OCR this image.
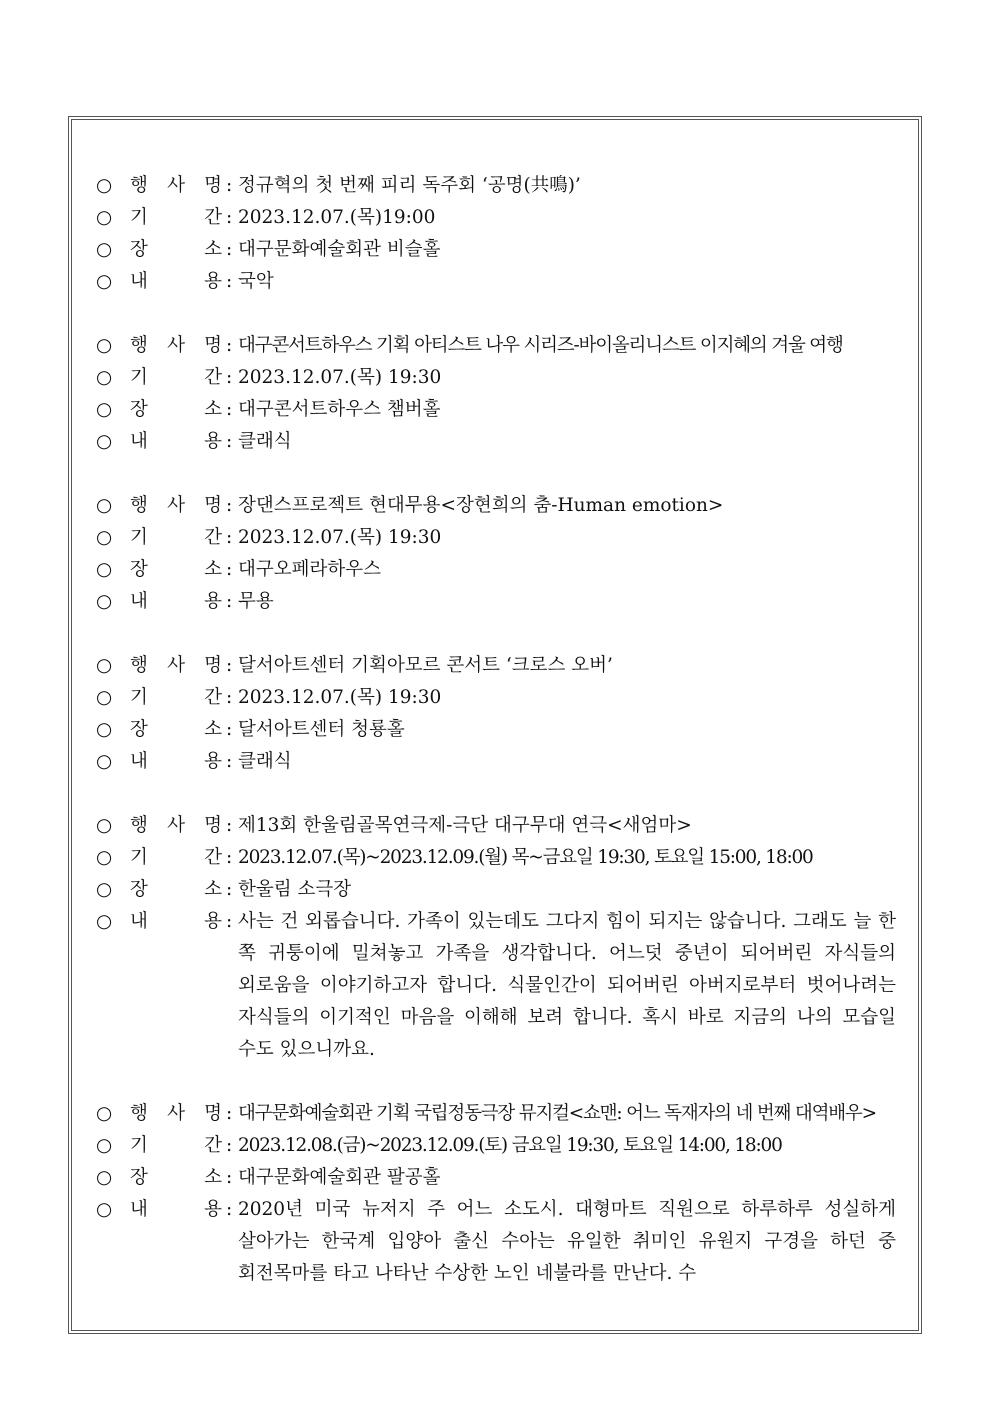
○ 행 사 명 : 정규혁의 첫 번째 피리 독주회 ‘공명(共鳴)’
○ 기	간 : 2023.12.07.(목)19:00
○ 장	소 : 대구문화예술회관 비슬홀
○ 내	용 : 국악
○ 행 사 명 : 대구콘서트하우스 기획 아티스트 나우 시리즈-바이올리니스트 이지혜의 겨울 여행
○ 기	간 : 2023.12.07.(목) 19:30
○ 장	소 : 대구콘서트하우스 챔버홀
○ 내	용 : 클래식
○ 행 사 명 : 장댄스프로젝트 현대무용<장현희의 춤-Human emotion>
○ 기	간 : 2023.12.07.(목) 19:30
○ 장	소 : 대구오페라하우스
○ 내	용 : 무용
○ 행 사 명 : 달서아트센터 기획아모르 콘서트 ‘크로스 오버’
○ 기	간 : 2023.12.07.(목) 19:30
○ 장	소 : 달서아트센터 청룡홀
○ 내	용 : 클래식
○ 행 사 명 : 제13회 한울림골목연극제-극단 대구무대 연극<새엄마>
○ 기	간 : 2023.12.07.(목)~2023.12.09.(월) 목~금요일 19:30, 토요일 15:00, 18:00
○ 장	소 : 한울림 소극장
○ 내	용 : 사는 건 외롭습니다. 가족이 있는데도 그다지 힘이 되지는 않습니다. 그래도 늘 한 쪽 귀퉁이에 밀쳐놓고 가족을 생각합니다. 어느덧 중년이 되어버린 자식들의 외로움을 이야기하고자 합니다. 식물인간이 되어버린 아버지로부터 벗어나려는 자식들의 이기적인 마음을 이해해 보려 합니다. 혹시 바로 지금의 나의 모습일 수도 있으니까요.
○ 행 사 명 : 대구문화예술회관 기획 국립정동극장 뮤지컬<쇼맨: 어느 독재자의 네 번째 대역배우>
○ 기	간 : 2023.12.08.(금)~2023.12.09.(토) 금요일 19:30, 토요일 14:00, 18:00
○ 장	소 : 대구문화예술회관 팔공홀
○ 내	용 : 2020년 미국 뉴저지 주 어느 소도시. 대형마트 직원으로 하루하루 성실하게 살아가는 한국계 입양아 출신 수아는 유일한 취미인 유원지 구경을 하던 중 회전목마를 타고 나타난 수상한 노인 네불라를 만난다. 수
